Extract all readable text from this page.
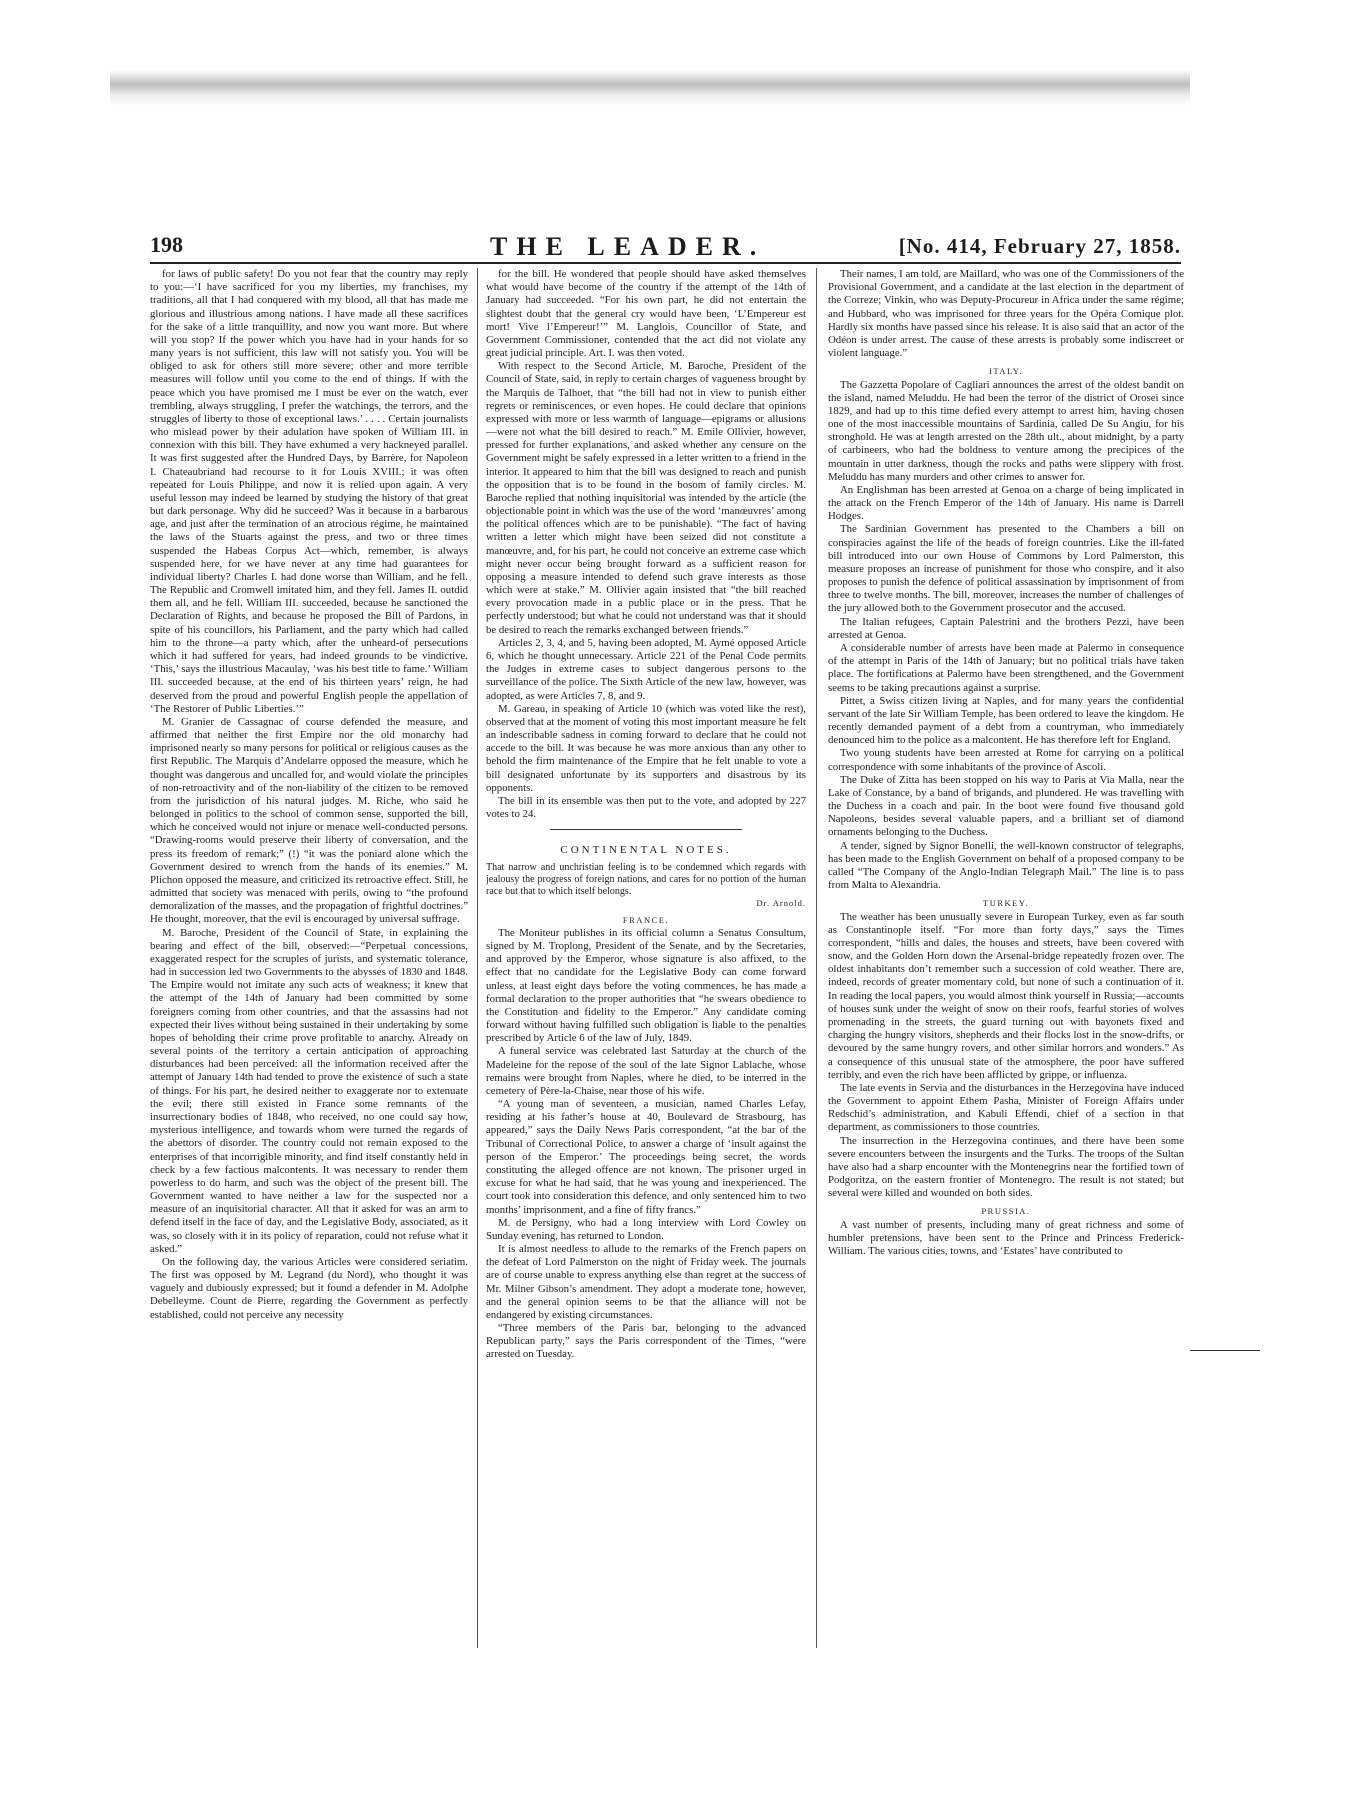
198	THE LEADER.	[No. 414, February 27, 1858.

for laws of public safety! Do you not fear that the country may reply to you:—‘I have sacrificed for you my liberties, my franchises, my traditions, all that I had conquered with my blood, all that has made me glorious and illustrious among nations. I have made all these sacrifices for the sake of a little tranquillity, and now you want more. But where will you stop? If the power which you have had in your hands for so many years is not sufficient, this law will not satisfy you. You will be obliged to ask for others still more severe; other and more terrible measures will follow until you come to the end of things. If with the peace which you have promised me I must be ever on the watch, ever trembling, always struggling, I prefer the watchings, the terrors, and the struggles of liberty to those of exceptional laws.’ . . . . Certain journalists who mislead power by their adulation have spoken of William III. in connexion with this bill. They have exhumed a very hackneyed parallel. It was first suggested after the Hundred Days, by Barrère, for Napoleon I. Chateaubriand had recourse to it for Louis XVIII.; it was often repeated for Louis Philippe, and now it is relied upon again. A very useful lesson may indeed be learned by studying the history of that great but dark personage. Why did he succeed? Was it because in a barbarous age, and just after the termination of an atrocious régime, he maintained the laws of the Stuarts against the press, and two or three times suspended the Habeas Corpus Act—which, remember, is always suspended here, for we have never at any time had guarantees for individual liberty? Charles I. had done worse than William, and he fell. The Republic and Cromwell imitated him, and they fell. James II. outdid them all, and he fell. William III. succeeded, because he sanctioned the Declaration of Rights, and because he proposed the Bill of Pardons, in spite of his councillors, his Parliament, and the party which had called him to the throne—a party which, after the unheard-of persecutions which it had suffered for years, had indeed grounds to be vindictive. ‘This,’ says the illustrious Macaulay, ‘was his best title to fame.’ William III. succeeded because, at the end of his thirteen years’ reign, he had deserved from the proud and powerful English people the appellation of ‘The Restorer of Public Liberties.’”

M. Granier de Cassagnac of course defended the measure, and affirmed that neither the first Empire nor the old monarchy had imprisoned nearly so many persons for political or religious causes as the first Republic. The Marquis d’Andelarre opposed the measure, which he thought was dangerous and uncalled for, and would violate the principles of non-retroactivity and of the non-liability of the citizen to be removed from the jurisdiction of his natural judges. M. Riche, who said he belonged in politics to the school of common sense, supported the bill, which he conceived would not injure or menace well-conducted persons. “Drawing-rooms would preserve their liberty of conversation, and the press its freedom of remark;” (!) “it was the poniard alone which the Government desired to wrench from the hands of its enemies.” M. Plichon opposed the measure, and criticized its retroactive effect. Still, he admitted that society was menaced with perils, owing to “the profound demoralization of the masses, and the propagation of frightful doctrines.” He thought, moreover, that the evil is encouraged by universal suffrage.

M. Baroche, President of the Council of State, in explaining the bearing and effect of the bill, observed:—“Perpetual concessions, exaggerated respect for the scruples of jurists, and systematic tolerance, had in succession led two Governments to the abysses of 1830 and 1848. The Empire would not imitate any such acts of weakness; it knew that the attempt of the 14th of January had been committed by some foreigners coming from other countries, and that the assassins had not expected their lives without being sustained in their undertaking by some hopes of beholding their crime prove profitable to anarchy. Already on several points of the territory a certain anticipation of approaching disturbances had been perceived: all the information received after the attempt of January 14th had tended to prove the existence of such a state of things. For his part, he desired neither to exaggerate nor to extenuate the evil; there still existed in France some remnants of the insurrectionary bodies of 1848, who received, no one could say how, mysterious intelligence, and towards whom were turned the regards of the abettors of disorder. The country could not remain exposed to the enterprises of that incorrigible minority, and find itself constantly held in check by a few factious malcontents. It was necessary to render them powerless to do harm, and such was the object of the present bill. The Government wanted to have neither a law for the suspected nor a measure of an inquisitorial character. All that it asked for was an arm to defend itself in the face of day, and the Legislative Body, associated, as it was, so closely with it in its policy of reparation, could not refuse what it asked.”

On the following day, the various Articles were considered seriatim. The first was opposed by M. Legrand (du Nord), who thought it was vaguely and dubiously expressed; but it found a defender in M. Adolphe Debelleyme. Count de Pierre, regarding the Government as perfectly established, could not perceive any necessity

for the bill. He wondered that people should have asked themselves what would have become of the country if the attempt of the 14th of January had succeeded. “For his own part, he did not entertain the slightest doubt that the general cry would have been, ‘L’Empereur est mort! Vive l’Empereur!’” M. Langlois, Councillor of State, and Government Commissioner, contended that the act did not violate any great judicial principle. Art. I. was then voted.

With respect to the Second Article, M. Baroche, President of the Council of State, said, in reply to certain charges of vagueness brought by the Marquis de Talhoet, that “the bill had not in view to punish either regrets or reminiscences, or even hopes. He could declare that opinions expressed with more or less warmth of language—epigrams or allusions—were not what the bill desired to reach.” M. Emile Ollivier, however, pressed for further explanations, and asked whether any censure on the Government might be safely expressed in a letter written to a friend in the interior. It appeared to him that the bill was designed to reach and punish the opposition that is to be found in the bosom of family circles. M. Baroche replied that nothing inquisitorial was intended by the article (the objectionable point in which was the use of the word ‘manœuvres’ among the political offences which are to be punishable). “The fact of having written a letter which might have been seized did not constitute a manœuvre, and, for his part, he could not conceive an extreme case which might never occur being brought forward as a sufficient reason for opposing a measure intended to defend such grave interests as those which were at stake.” M. Ollivier again insisted that “the bill reached every provocation made in a public place or in the press. That he perfectly understood; but what he could not understand was that it should be desired to reach the remarks exchanged between friends.”

Articles 2, 3, 4, and 5, having been adopted, M. Aymé opposed Article 6, which he thought unnecessary. Article 221 of the Penal Code permits the Judges in extreme cases to subject dangerous persons to the surveillance of the police. The Sixth Article of the new law, however, was adopted, as were Articles 7, 8, and 9.

M. Gareau, in speaking of Article 10 (which was voted like the rest), observed that at the moment of voting this most important measure he felt an indescribable sadness in coming forward to declare that he could not accede to the bill. It was because he was more anxious than any other to behold the firm maintenance of the Empire that he felt unable to vote a bill designated unfortunate by its supporters and disastrous by its opponents.

The bill in its ensemble was then put to the vote, and adopted by 227 votes to 24.

CONTINENTAL NOTES.

That narrow and unchristian feeling is to be condemned which regards with jealousy the progress of foreign nations, and cares for no portion of the human race but that to which itself belongs.

Dr. Arnold.

FRANCE.

The Moniteur publishes in its official column a Senatus Consultum, signed by M. Troplong, President of the Senate, and by the Secretaries, and approved by the Emperor, whose signature is also affixed, to the effect that no candidate for the Legislative Body can come forward unless, at least eight days before the voting commences, he has made a formal declaration to the proper authorities that “he swears obedience to the Constitution and fidelity to the Emperor.” Any candidate coming forward without having fulfilled such obligation is liable to the penalties prescribed by Article 6 of the law of July, 1849.

A funeral service was celebrated last Saturday at the church of the Madeleine for the repose of the soul of the late Signor Lablache, whose remains were brought from Naples, where he died, to be interred in the cemetery of Père-la-Chaise, near those of his wife.

“A young man of seventeen, a musician, named Charles Lefay, residing at his father’s house at 40, Boulevard de Strasbourg, has appeared,” says the Daily News Paris correspondent, “at the bar of the Tribunal of Correctional Police, to answer a charge of ‘insult against the person of the Emperor.’ The proceedings being secret, the words constituting the alleged offence are not known. The prisoner urged in excuse for what he had said, that he was young and inexperienced. The court took into consideration this defence, and only sentenced him to two months’ imprisonment, and a fine of fifty francs.”

M. de Persigny, who had a long interview with Lord Cowley on Sunday evening, has returned to London.

It is almost needless to allude to the remarks of the French papers on the defeat of Lord Palmerston on the night of Friday week. The journals are of course unable to express anything else than regret at the success of Mr. Milner Gibson’s amendment. They adopt a moderate tone, however, and the general opinion seems to be that the alliance will not be endangered by existing circumstances.

“Three members of the Paris bar, belonging to the advanced Republican party,” says the Paris correspondent of the Times, “were arrested on Tuesday.

Their names, I am told, are Maillard, who was one of the Commissioners of the Provisional Government, and a candidate at the last election in the department of the Correze; Vinkin, who was Deputy-Procureur in Africa under the same régime; and Hubbard, who was imprisoned for three years for the Opéra Comique plot. Hardly six months have passed since his release. It is also said that an actor of the Odéon is under arrest. The cause of these arrests is probably some indiscreet or violent language.”

ITALY.

The Gazzetta Popolare of Cagliari announces the arrest of the oldest bandit on the island, named Meluddu. He had been the terror of the district of Orosei since 1829, and had up to this time defied every attempt to arrest him, having chosen one of the most inaccessible mountains of Sardinia, called De Su Angiu, for his stronghold. He was at length arrested on the 28th ult., about midnight, by a party of carbineers, who had the boldness to venture among the precipices of the mountain in utter darkness, though the rocks and paths were slippery with frost. Meluddu has many murders and other crimes to answer for.

An Englishman has been arrested at Genoa on a charge of being implicated in the attack on the French Emperor of the 14th of January. His name is Darrell Hodges.

The Sardinian Government has presented to the Chambers a bill on conspiracies against the life of the heads of foreign countries. Like the ill-fated bill introduced into our own House of Commons by Lord Palmerston, this measure proposes an increase of punishment for those who conspire, and it also proposes to punish the defence of political assassination by imprisonment of from three to twelve months. The bill, moreover, increases the number of challenges of the jury allowed both to the Government prosecutor and the accused.

The Italian refugees, Captain Palestrini and the brothers Pezzi, have been arrested at Genoa.

A considerable number of arrests have been made at Palermo in consequence of the attempt in Paris of the 14th of January; but no political trials have taken place. The fortifications at Palermo have been strengthened, and the Government seems to be taking precautions against a surprise.

Pittet, a Swiss citizen living at Naples, and for many years the confidential servant of the late Sir William Temple, has been ordered to leave the kingdom. He recently demanded payment of a debt from a countryman, who immediately denounced him to the police as a malcontent. He has therefore left for England.

Two young students have been arrested at Rome for carrying on a political correspondence with some inhabitants of the province of Ascoli.

The Duke of Zitta has been stopped on his way to Paris at Via Malla, near the Lake of Constance, by a band of brigands, and plundered. He was travelling with the Duchess in a coach and pair. In the boot were found five thousand gold Napoleons, besides several valuable papers, and a brilliant set of diamond ornaments belonging to the Duchess.

A tender, signed by Signor Bonelli, the well-known constructor of telegraphs, has been made to the English Government on behalf of a proposed company to be called “The Company of the Anglo-Indian Telegraph Mail.” The line is to pass from Malta to Alexandria.

TURKEY.

The weather has been unusually severe in European Turkey, even as far south as Constantinople itself. “For more than forty days,” says the Times correspondent, “hills and dales, the houses and streets, have been covered with snow, and the Golden Horn down the Arsenal-bridge repeatedly frozen over. The oldest inhabitants don’t remember such a succession of cold weather. There are, indeed, records of greater momentary cold, but none of such a continuation of it. In reading the local papers, you would almost think yourself in Russia;—accounts of houses sunk under the weight of snow on their roofs, fearful stories of wolves promenading in the streets, the guard turning out with bayonets fixed and charging the hungry visitors, shepherds and their flocks lost in the snow-drifts, or devoured by the same hungry rovers, and other similar horrors and wonders.” As a consequence of this unusual state of the atmosphere, the poor have suffered terribly, and even the rich have been afflicted by grippe, or influenza.

The late events in Servia and the disturbances in the Herzegovina have induced the Government to appoint Ethem Pasha, Minister of Foreign Affairs under Redschid’s administration, and Kabuli Effendi, chief of a section in that department, as commissioners to those countries.

The insurrection in the Herzegovina continues, and there have been some severe encounters between the insurgents and the Turks. The troops of the Sultan have also had a sharp encounter with the Montenegrins near the fortified town of Podgoritza, on the eastern frontier of Montenegro. The result is not stated; but several were killed and wounded on both sides.

PRUSSIA.

A vast number of presents, including many of great richness and some of humbler pretensions, have been sent to the Prince and Princess Frederick-William. The various cities, towns, and ‘Estates’ have contributed to
